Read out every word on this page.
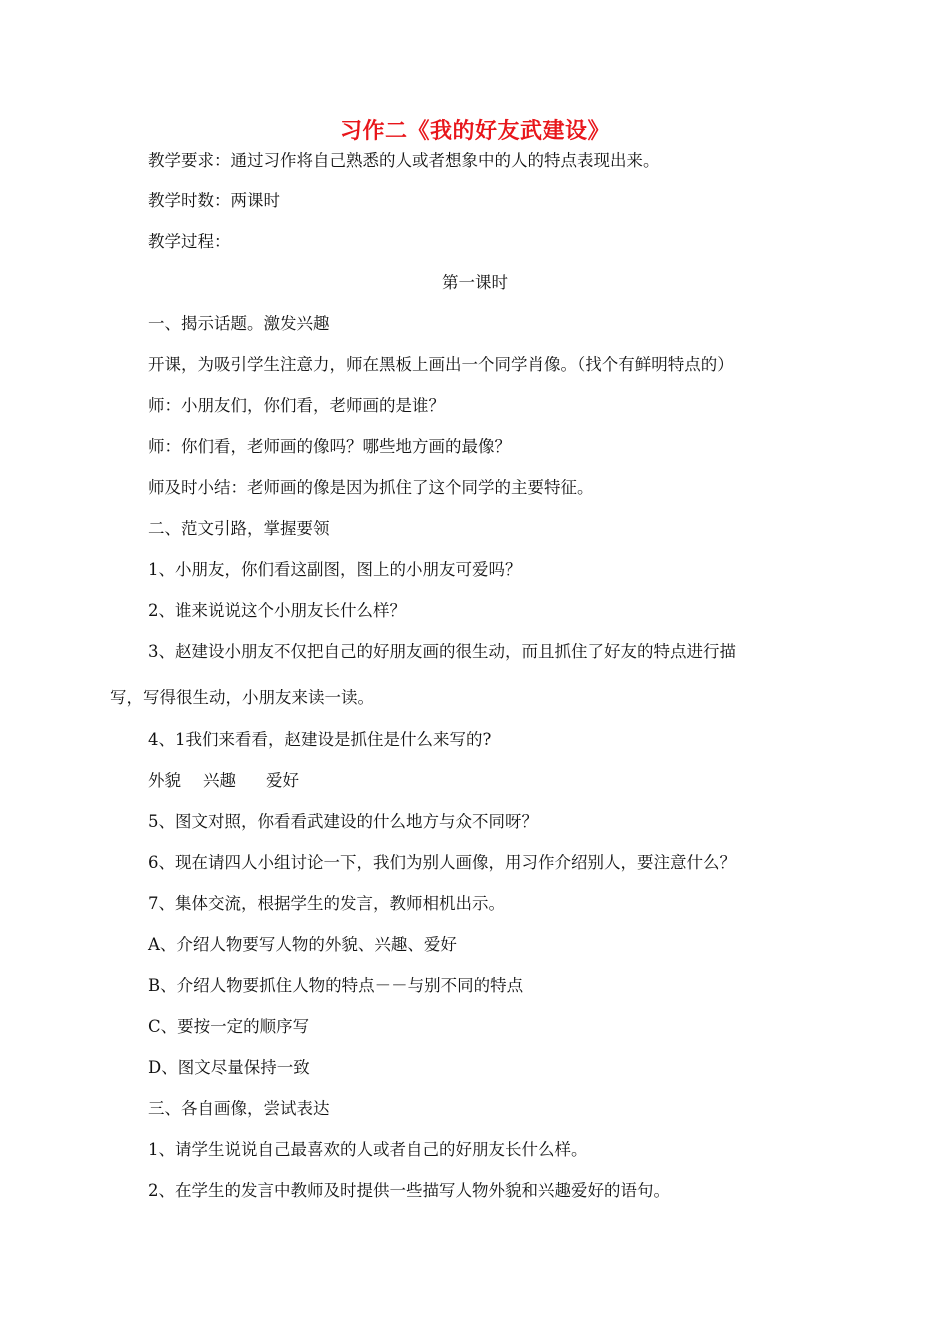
习作二《我的好友武建设》
教学要求：通过习作将自己熟悉的人或者想象中的人的特点表现出来。
教学时数：两课时
教学过程：
第一课时
一、揭示话题。激发兴趣
开课，为吸引学生注意力，师在黑板上画出一个同学肖像。（找个有鲜明特点的）
师：小朋友们，你们看，老师画的是谁？
师：你们看，老师画的像吗？哪些地方画的最像？
师及时小结：老师画的像是因为抓住了这个同学的主要特征。
二、范文引路，掌握要领
1、小朋友，你们看这副图，图上的小朋友可爱吗？
2、谁来说说这个小朋友长什么样？
3、赵建设小朋友不仅把自己的好朋友画的很生动，而且抓住了好友的特点进行描
写，写得很生动，小朋友来读一读。
4、1我们来看看，赵建设是抓住是什么来写的?
外貌 兴趣 爱好
5、图文对照，你看看武建设的什么地方与众不同呀？
6、现在请四人小组讨论一下，我们为别人画像，用习作介绍别人，要注意什么？
7、集体交流，根据学生的发言，教师相机出示。
A、介绍人物要写人物的外貌、兴趣、爱好
B、介绍人物要抓住人物的特点－－与别不同的特点
C、要按一定的顺序写
D、图文尽量保持一致
三、各自画像，尝试表达
1、请学生说说自己最喜欢的人或者自己的好朋友长什么样。
2、在学生的发言中教师及时提供一些描写人物外貌和兴趣爱好的语句。
